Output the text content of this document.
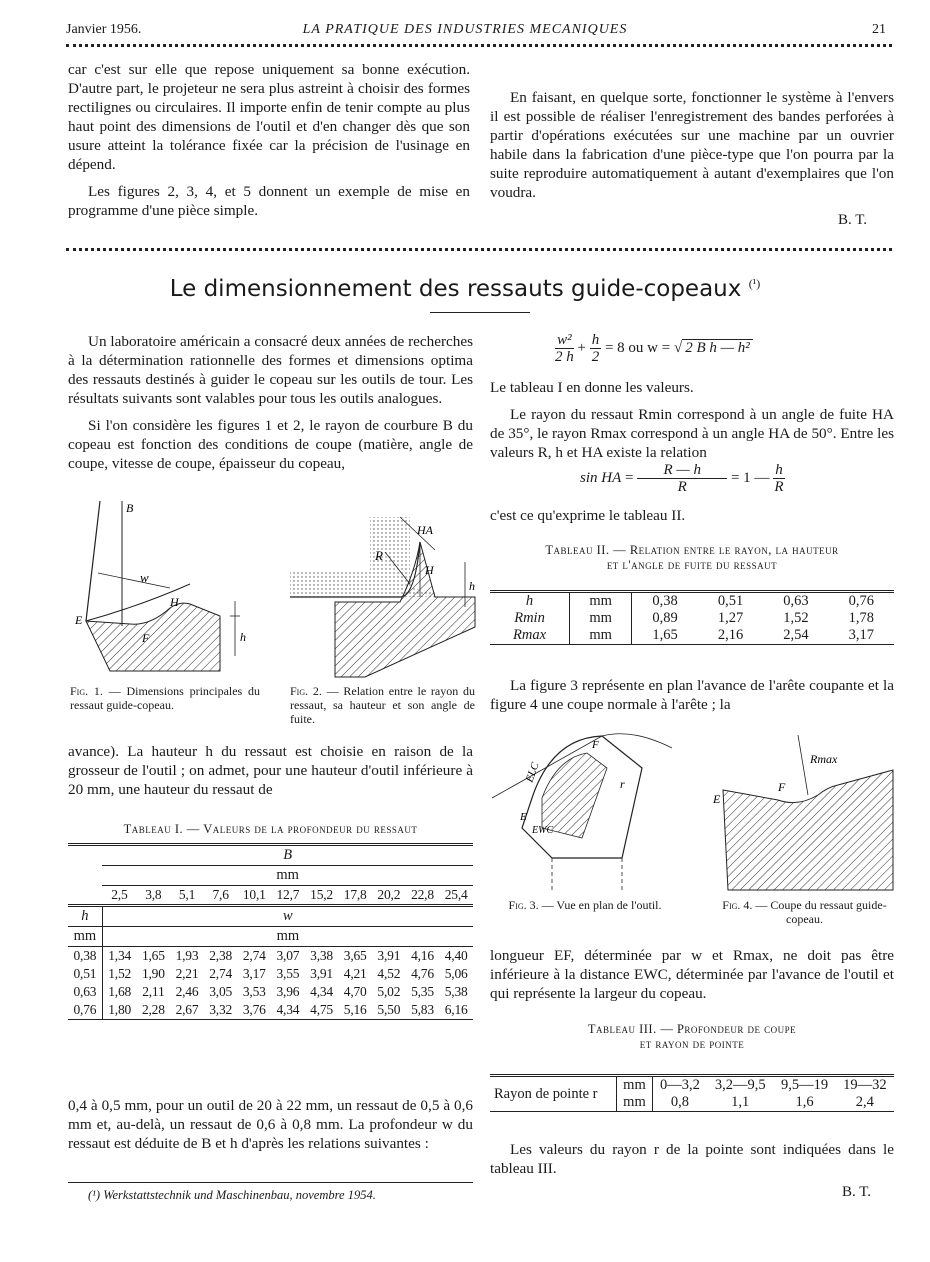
Janvier 1956.	LA PRATIQUE DES INDUSTRIES MECANIQUES	21

car c'est sur elle que repose uniquement sa bonne exécution. D'autre part, le projeteur ne sera plus astreint à choisir des formes rectilignes ou circulaires. Il importe enfin de tenir compte au plus haut point des dimensions de l'outil et d'en changer dès que son usure atteint la tolérance fixée car la précision de l'usinage en dépend.

Les figures 2, 3, 4, et 5 donnent un exemple de mise en programme d'une pièce simple.

En faisant, en quelque sorte, fonctionner le système à l'envers il est possible de réaliser l'enregistrement des bandes perforées à partir d'opérations exécutées sur une machine par un ouvrier habile dans la fabrication d'une pièce-type que l'on pourra par la suite reproduire automatiquement à autant d'exemplaires que l'on voudra.

B. T.
Le dimensionnement des ressauts guide-copeaux $^{(^1)}$

Un laboratoire américain a consacré deux années de recherches à la détermination rationnelle des formes et dimensions optima des ressauts destinés à guider le copeau sur les outils de tour. Les résultats suivants sont valables pour tous les outils analogues.

Si l'on considère les figures 1 et 2, le rayon de courbure B du copeau est fonction des conditions de coupe (matière, angle de coupe, vitesse de coupe, épaisseur du copeau,

B
w
H
E
F	h
Fig. 1. — Dimensions principales du ressaut guide-copeau.
R
HA
H
h
Fig. 2. — Relation entre le rayon du ressaut, sa hauteur et son angle de fuite.

avance). La hauteur h du ressaut est choisie en raison de la grosseur de l'outil ; on admet, pour une hauteur d'outil inférieure à 20 mm, une hauteur du ressaut de

Tableau I. — Valeurs de la profondeur du ressaut
	B										
	mm										
	2,5	3,8	5,1	7,6	10,1	12,7	15,2	17,8	20,2	22,8	25,4
h	w										
mm	mm										
0,38	1,34	1,65	1,93	2,38	2,74	3,07	3,38	3,65	3,91	4,16	4,40
0,51	1,52	1,90	2,21	2,74	3,17	3,55	3,91	4,21	4,52	4,76	5,06
0,63	1,68	2,11	2,46	3,05	3,53	3,96	4,34	4,70	5,02	5,35	5,38
0,76	1,80	2,28	2,67	3,32	3,76	4,34	4,75	5,16	5,50	5,83	6,16

0,4 à 0,5 mm, pour un outil de 20 à 22 mm, un ressaut de 0,5 à 0,6 mm et, au-delà, un ressaut de 0,6 à 0,8 mm. La profondeur w du ressaut est déduite de B et h d'après les relations suivantes :

(¹) Werkstattstechnik und Maschinenbau, novembre 1954.
$\frac{\text{w²}}{2 h} + \frac{h}{2} = 8$ ou w = √ 2 B h — h²

Le tableau I en donne les valeurs.

Le rayon du ressaut Rmin correspond à un angle de fuite HA de 35°, le rayon Rmax correspond à un angle HA de 50°. Entre les valeurs R, h et HA existe la relation

sin HA = $\frac{R — h}{R} = 1$ — $\frac{h}{R}$

c'est ce qu'exprime le tableau II.

Tableau II. — Relation entre le rayon, la hauteur
et l'angle de fuite du ressaut
h	mm	0,38	0,51	0,63	0,76
Rmin	mm	0,89	1,27	1,52	1,78
Rmax	mm	1,65	2,16	2,54	3,17

La figure 3 représente en plan l'avance de l'arête coupante et la figure 4 une coupe normale à l'arête ; la

ELC
F
r
E
EWC
Fig. 3. — Vue en plan de l'outil.
Rmax
E
F
Fig. 4. — Coupe du ressaut guide-copeau.

longueur EF, déterminée par w et Rmax, ne doit pas être inférieure à la distance EWC, déterminée par l'avance de l'outil et qui représente la largeur du copeau.

Tableau III. — Profondeur de coupe
et rayon de pointe
Rayon de pointe r	mm	0—3,2	3,2—9,5	9,5—19	19—32
	mm	0,8	1,1	1,6	2,4

Les valeurs du rayon r de la pointe sont indiquées dans le tableau III.

B. T.
